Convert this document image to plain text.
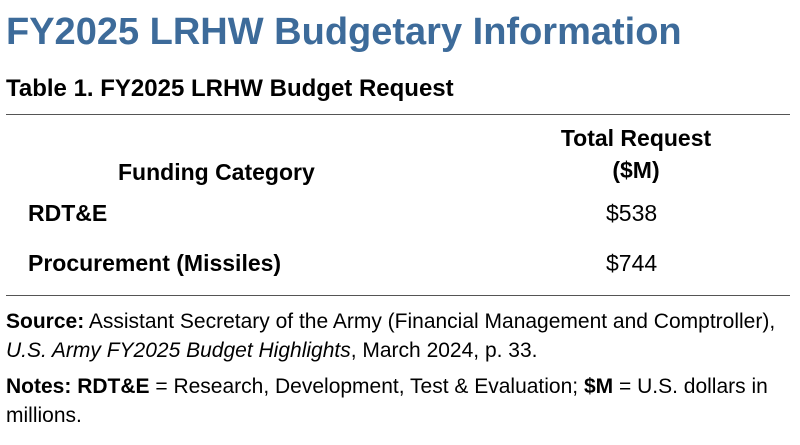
FY2025 LRHW Budgetary Information
Table 1. FY2025 LRHW Budget Request
Funding Category
Total Request
($M)
RDT&E	$538
Procurement (Missiles)	$744

Source: Assistant Secretary of the Army (Financial Management and Comptroller), U.S. Army FY2025 Budget Highlights, March 2024, p. 33.

Notes: RDT&E = Research, Development, Test & Evaluation; $M = U.S. dollars in millions.
